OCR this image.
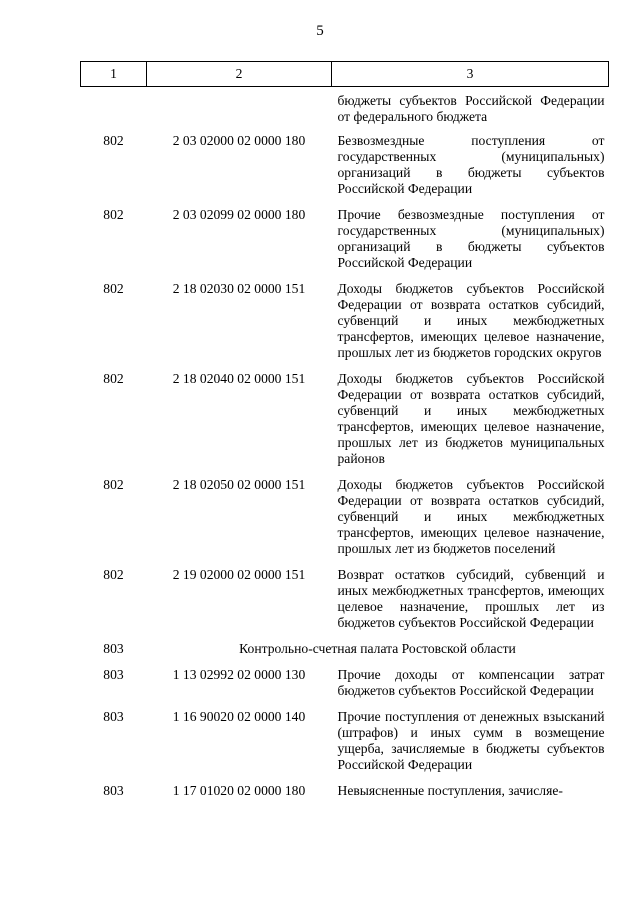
5
1	2	3
		бюджеты субъектов Российской Федерации от федерального бюджета
802	2 03 02000 02 0000 180	Безвозмездные поступления от государственных (муниципальных) организаций в бюджеты субъектов Российской Федерации
802	2 03 02099 02 0000 180	Прочие безвозмездные поступления от государственных (муниципальных) организаций в бюджеты субъектов Российской Федерации
802	2 18 02030 02 0000 151	Доходы бюджетов субъектов Российской Федерации от возврата остатков субсидий, субвенций и иных межбюджетных трансфертов, имеющих целевое назначение, прошлых лет из бюджетов городских округов
802	2 18 02040 02 0000 151	Доходы бюджетов субъектов Российской Федерации от возврата остатков субсидий, субвенций и иных межбюджетных трансфертов, имеющих целевое назначение, прошлых лет из бюджетов муниципальных районов
802	2 18 02050 02 0000 151	Доходы бюджетов субъектов Российской Федерации от возврата остатков субсидий, субвенций и иных межбюджетных трансфертов, имеющих целевое назначение, прошлых лет из бюджетов поселений
802	2 19 02000 02 0000 151	Возврат остатков субсидий, субвенций и иных межбюджетных трансфертов, имеющих целевое назначение, прошлых лет из бюджетов субъектов Российской Федерации
803	Контрольно-счетная палата Ростовской области	
803	1 13 02992 02 0000 130	Прочие доходы от компенсации затрат бюджетов субъектов Российской Федерации
803	1 16 90020 02 0000 140	Прочие поступления от денежных взысканий (штрафов) и иных сумм в возмещение ущерба, зачисляемые в бюджеты субъектов Российской Федерации
803	1 17 01020 02 0000 180	Невыясненные поступления, зачисляе-
